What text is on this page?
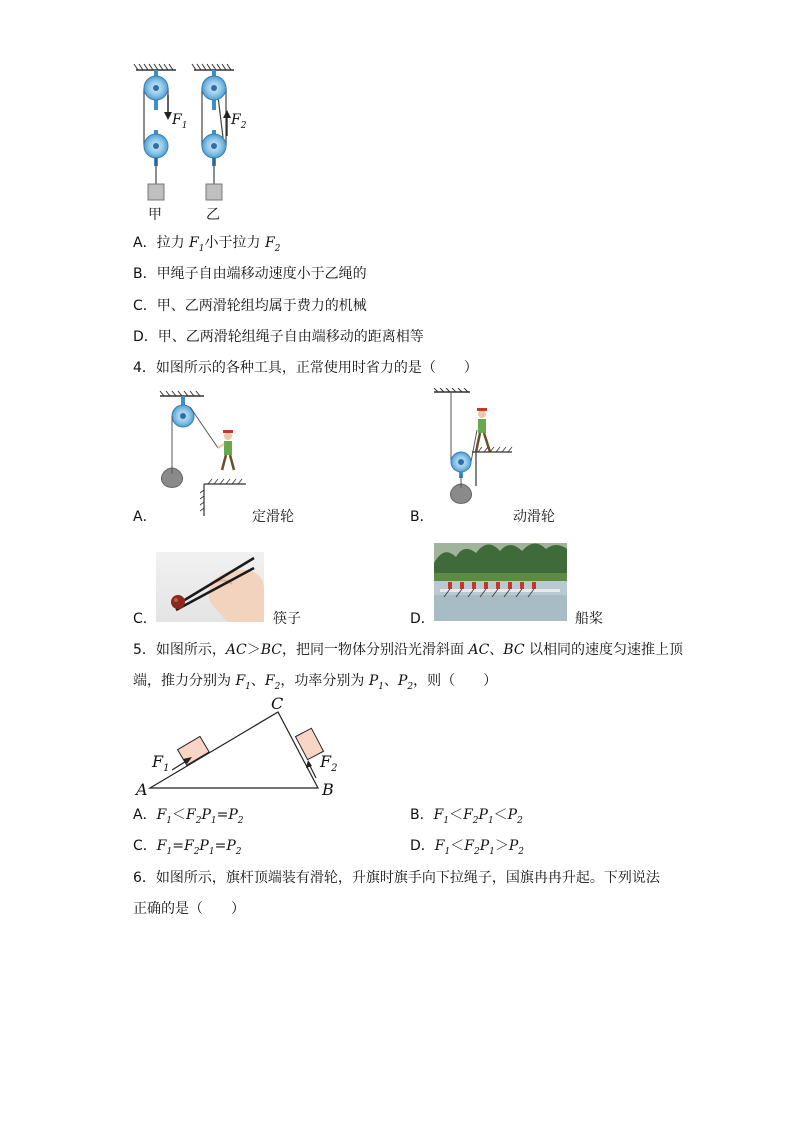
$F_1$	$F_2$
甲	乙
A．拉力 $F_1$小于拉力 $F_2$
B．甲绳子自由端移动速度小于乙绳的
C．甲、乙两滑轮组均属于费力的机械
D．甲、乙两滑轮组绳子自由端移动的距离相等
4．如图所示的各种工具，正常使用时省力的是（　　）
A．	定滑轮	B．	动滑轮
C．	筷子	D．	船桨
5．如图所示，AC＞BC，把同一物体分别沿光滑斜面 AC、BC 以相同的速度匀速推上顶
端，推力分别为 $F_1$、$F_2$，功率分别为 $P_1$、$P_2$，则（　　）
C
A	B
$F_1$	$F_2$
A．$F_1<F_2P_1=P_2$	B．$F_1<F_2P_1<P_2$
C．$F_1=F_2P_1=P_2$	D．$F_1<F_2P_1>P_2$
6．如图所示，旗杆顶端装有滑轮，升旗时旗手向下拉绳子，国旗冉冉升起。下列说法
正确的是（　　）
